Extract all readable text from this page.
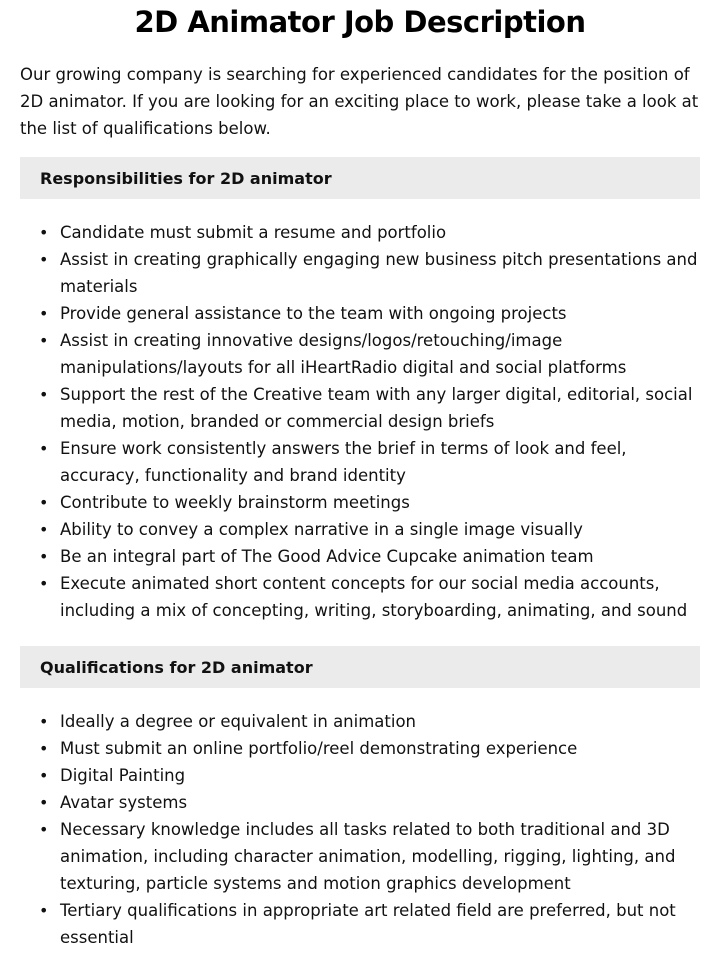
2D Animator Job Description

Our growing company is searching for experienced candidates for the position of 2D animator. If you are looking for an exciting place to work, please take a look at the list of qualifications below.

Responsibilities for 2D animator
• Candidate must submit a resume and portfolio
• Assist in creating graphically engaging new business pitch presentations and materials
• Provide general assistance to the team with ongoing projects
• Assist in creating innovative designs/logos/retouching/image manipulations/layouts for all iHeartRadio digital and social platforms
• Support the rest of the Creative team with any larger digital, editorial, social media, motion, branded or commercial design briefs
• Ensure work consistently answers the brief in terms of look and feel, accuracy, functionality and brand identity
• Contribute to weekly brainstorm meetings
• Ability to convey a complex narrative in a single image visually
• Be an integral part of The Good Advice Cupcake animation team
• Execute animated short content concepts for our social media accounts, including a mix of concepting, writing, storyboarding, animating, and sound
Qualifications for 2D animator
• Ideally a degree or equivalent in animation
• Must submit an online portfolio/reel demonstrating experience
• Digital Painting
• Avatar systems
• Necessary knowledge includes all tasks related to both traditional and 3D animation, including character animation, modelling, rigging, lighting, and texturing, particle systems and motion graphics development
• Tertiary qualifications in appropriate art related field are preferred, but not essential
